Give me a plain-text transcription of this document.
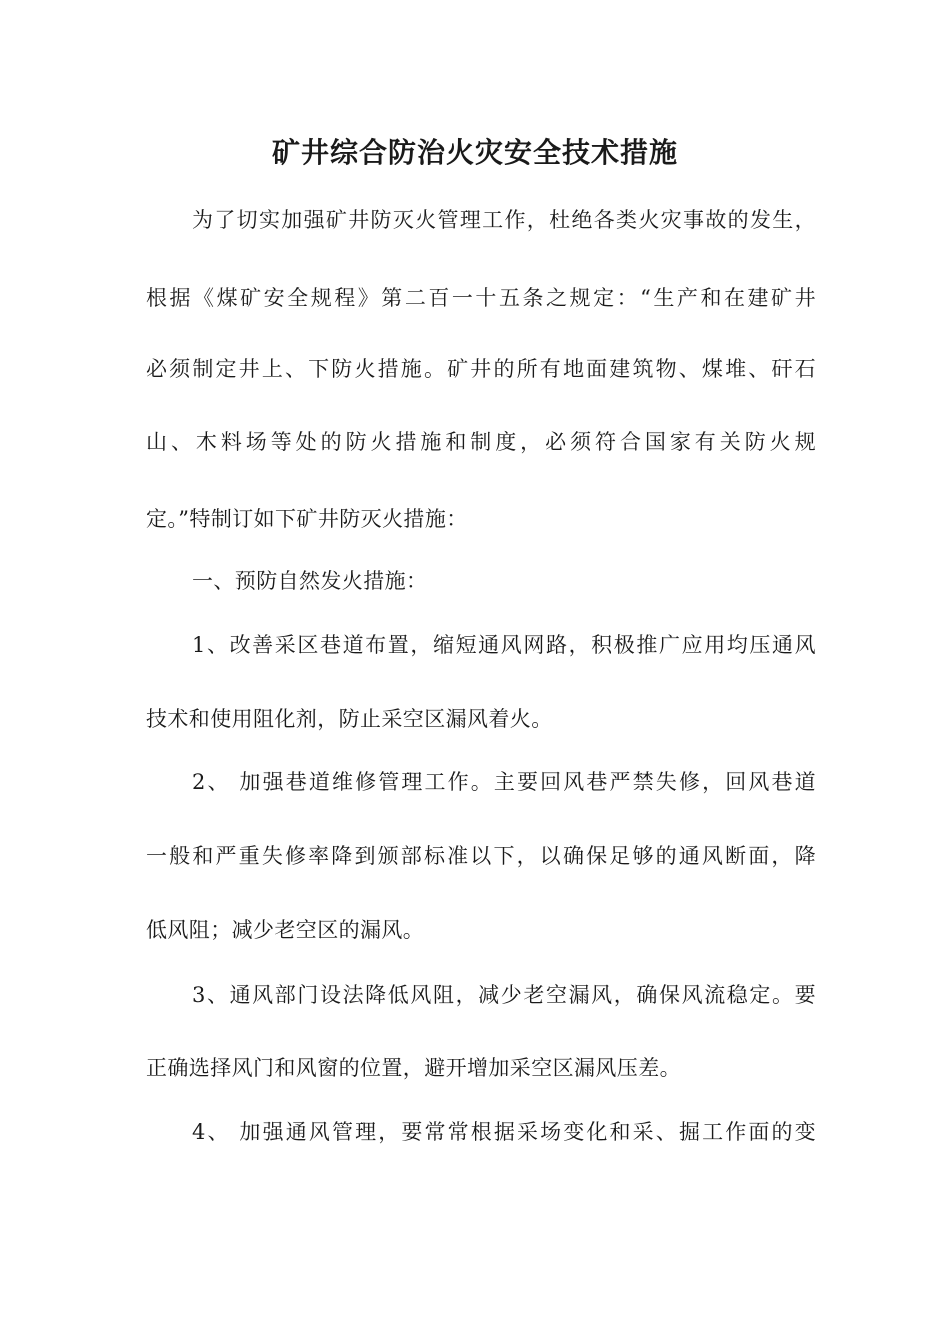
矿井综合防治火灾安全技术措施
为了切实加强矿井防灭火管理工作，杜绝各类火灾事故的发生，
根据《煤矿安全规程》第二百一十五条之规定：“生产和在建矿井
必须制定井上、下防火措施。矿井的所有地面建筑物、煤堆、矸石
山、木料场等处的防火措施和制度，必须符合国家有关防火规
定。”特制订如下矿井防灭火措施：
一、预防自然发火措施：
1、改善采区巷道布置，缩短通风网路，积极推广应用均压通风
技术和使用阻化剂，防止采空区漏风着火。
2、 加强巷道维修管理工作。主要回风巷严禁失修，回风巷道
一般和严重失修率降到颁部标准以下，以确保足够的通风断面，降
低风阻；减少老空区的漏风。
3、通风部门设法降低风阻，减少老空漏风，确保风流稳定。要
正确选择风门和风窗的位置，避开增加采空区漏风压差。
4、 加强通风管理，要常常根据采场变化和采、掘工作面的变
